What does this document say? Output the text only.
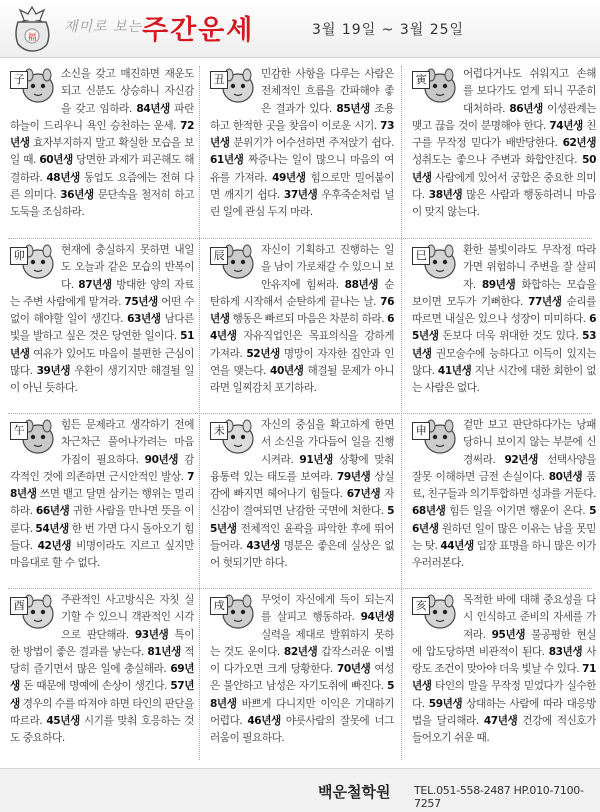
福
재미로 보는 주간운세	3월 19일 ~ 3월 25일
子	소신을 갖고 매진하면 재운도 되고 신분도 상승하니 자신감을 갖고 임하라. 84년생 파란 하늘이 드리우니 욕인 승천하는 운세. 72년생 효자부지하지 말고 확실한 모습을 보일 때. 60년생 당면한 과제가 피곤해도 해결하라. 48년생 동업도 요즘에는 전혀 다른 의미다. 36년생 문단속을 철저히 하고 도둑을 조심하라.

丑	민감한 사항을 다루는 사람은 전체적인 흐름을 간파해야 좋은 결과가 있다. 85년생 조용하고 한적한 곳을 찾음이 이로운 시기. 73년생 분위기가 어수선하면 주저앉기 쉽다. 61년생 짜증나는 일이 많으니 마음의 여유를 가져라. 49년생 힘으로만 밀어붙이면 깨지기 쉽다. 37년생 우후죽순처럼 널린 일에 관심 두지 마라.

寅	어렵다거나도 쉬워지고 손해를 보다가도 얻게 되니 꾸준히 대처하라. 86년생 이성관계는 맺고 끊음 것이 분명해야 한다. 74년생 친구를 무작정 믿다가 배반당한다. 62년생 성취도는 좋으나 주변과 화합안진다. 50년생 사람에게 있어서 궁합은 중요한 의미다. 38년생 많은 사람과 행동하려니 마음이 맞지 않는다.

卯	현재에 충실하지 못하면 내일도 오늘과 같은 모습의 반복이다. 87년생 방대한 양의 자료는 주변 사람에게 맡겨라. 75년생 어떤 수 없이 해야할 일이 생긴다. 63년생 남다른 빛을 발하고 싶은 것은 당연한 일이다. 51년생 여유가 있어도 마음이 불편한 근심이 많다. 39년생 우환이 생기지만 해결될 일이 아닌 듯하다.

辰	자신이 기획하고 진행하는 일을 남이 가로채갈 수 있으니 보안유지에 힘써라. 88년생 순탄하게 시작해서 순탄하게 끝나는 날. 76년생 행동은 빠르되 마음은 차분히 하라. 64년생 자유직업인은 목표의식을 강하게 가져라. 52년생 명망이 자자한 집안과 인연을 맺는다. 40년생 해결될 문제가 아니라면 일찌감치 포기하라.

巳	환한 불빛이라도 무작정 따라가면 위험하니 주변을 잘 살피자. 89년생 화합하는 모습을 보이면 모두가 기뻐한다. 77년생 순리를 따르면 내실은 있으나 성장이 미미하다. 65년생 돈보다 더욱 위대한 것도 있다. 53년생 권모술수에 능하다고 이득이 있지는 않다. 41년생 지난 시간에 대한 회한이 없는 사람은 없다.

午	힘든 문제라고 생각하기 전에 차근차근 풀어나가려는 마음가짐이 필요하다. 90년생 감각적인 것에 의존하면 근시안적인 발상. 78년생 쓰면 뱉고 달면 삼키는 행위는 멀리하라. 66년생 귀한 사람을 만나면 뜻을 이룬다. 54년생 한 번 가면 다시 돌아오기 힘들다. 42년생 비명이라도 지르고 싶지만 마음대로 할 수 없다.

未	자신의 중심을 확고하게 한면서 소신을 가다듬어 일을 진행시켜라. 91년생 상황에 맞춰 융통력 있는 태도를 보여라. 79년생 상실감에 빠지면 헤어나기 힘들다. 67년생 자신감이 결여되면 난감한 국면에 처한다. 55년생 전체적인 윤곽을 파악한 후에 뛰어들어라. 43년생 명분은 좋은데 실상은 없어 헛되기만 하다.

申	겉만 보고 판단하다가는 낭패 당하니 보이지 않는 부분에 신경써라. 92년생 선택사양을 잘못 이해하면 금전 손실이다. 80년생 품료, 친구들과 의기투합하면 성과를 거둔다. 68년생 힘든 일을 이기면 행운이 온다. 56년생 원하던 일이 많은 이유는 남을 못믿는 탓. 44년생 입장 표명을 하니 많은 이가 우러러본다.

酉	주관적인 사고방식은 자칫 실기할 수 있으니 객관적인 시각으로 판단해라. 93년생 특이한 방법이 좋은 결과를 낳는다. 81년생 적당히 즐기면서 많은 일에 충실해라. 69년생 돈 때문에 명예에 손상이 생긴다. 57년생 경우의 수를 따져야 하면 타인의 판단을 따르라. 45년생 시기를 맞춰 호응하는 것도 중요하다.

戌	무엇이 자신에게 득이 되는지를 살피고 행동하라. 94년생 실력을 제대로 발휘하지 못하는 것도 운이다. 82년생 갑작스러운 이별이 다가오면 크게 당황한다. 70년생 여성은 불안하고 남성은 자기도취에 빠진다. 58년생 바쁘게 다니지만 이익은 기대하기 어렵다. 46년생 야릇사람의 잘못에 너그러움이 필요하다.

亥	목적한 바에 대해 중요성을 다시 인식하고 준비의 자세를 가져라. 95년생 불공평한 현실에 압도당하면 비관적이 된다. 83년생 사랑도 조건이 맞아야 더욱 빛날 수 있다. 71년생 타인의 말을 무작정 믿었다가 실수한다. 59년생 상대하는 사람에 따라 대응방법을 달리해라. 47년생 건강에 적신호가 들어오기 쉬운 때.

백운철학원 TEL.051-558-2487 HP.010-7100-7257
